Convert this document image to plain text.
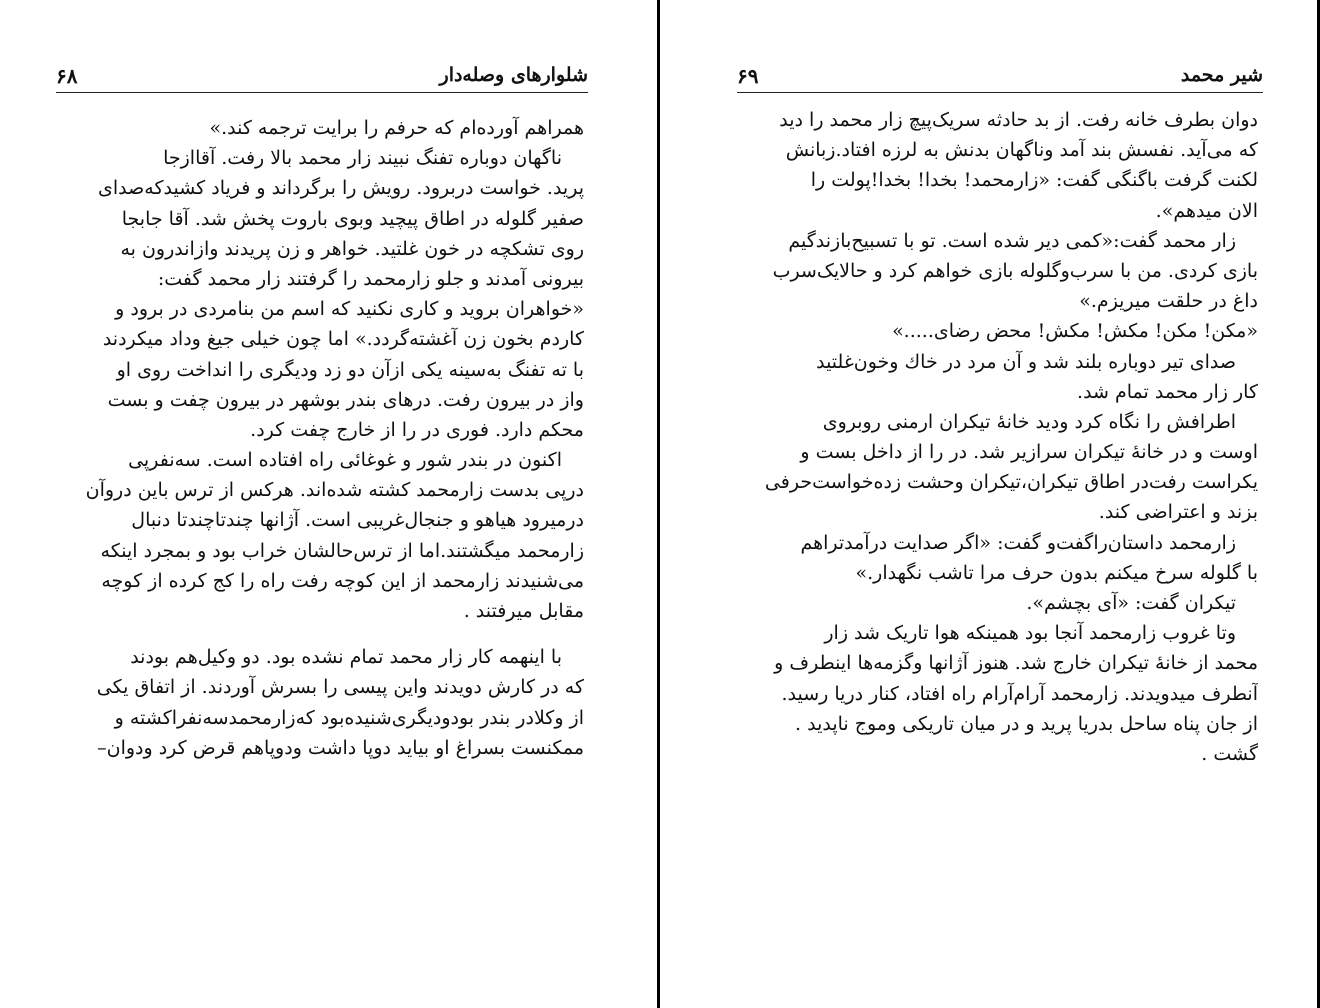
شلوارهای وصله‌دار
۶۸
همراهم آورده‌ام که حرفم را برایت ترجمه کند.»
ناگهان دوباره تفنگ نبیند زار محمد بالا رفت. آقاازجا
پرید. خواست دربرود. رویش را برگرداند و فریاد کشیدکه‌صدای
صفیر گلوله در اطاق پیچید وبوی باروت پخش شد. آقا جابجا
روی تشکچه در خون غلتید. خواهر و زن پریدند وازاندرون به
بیرونی آمدند و جلو زارمحمد را گرفتند زار محمد گفت:
«خواهران بروید و کاری نکنید که اسم من بنامردی در برود و
کاردم بخون زن آغشته‌گردد.» اما چون خیلی جیغ وداد میکردند
با ته تفنگ به‌سینه یکی ازآن دو زد ودیگری را انداخت روی او
واز در بیرون رفت. درهای بندر بوشهر در بیرون چفت و بست
محکم دارد. فوری در را از خارج چفت کرد.
اکنون در بندر شور و غوغائی راه افتاده است. سه‌نفرپی
درپی بدست زارمحمد کشته شده‌اند. هرکس از ترس باین دروآن
درمیرود هیاهو و جنجال‌غریبی است. آژانها چندتاچندتا دنبال
زارمحمد میگشتند.اما از ترس‌حالشان خراب بود و بمجرد اینکه
می‌شنیدند زارمحمد از این کوچه رفت راه را کج کرده از کوچه
مقابل میرفتند .
با اینهمه کار زار محمد تمام نشده بود. دو وکیل‌هم بودند
که در کارش دویدند واین پیسی را بسرش آوردند. از اتفاق یکی
از وکلادر بندر بودودیگری‌شنیده‌بود که‌زارمحمدسه‌نفراکشته و
ممکنست بسراغ او بیاید دوپا داشت ودوپاهم قرض کرد ودوان–
شیر محمد
۶۹
دوان بطرف خانه رفت. از بد حادثه سریک‌پیچ زار محمد را دید
که می‌آید. نفسش بند آمد وناگهان بدنش به لرزه افتاد.زبانش
لکنت گرفت باگنگی گفت: «زارمحمد! بخدا! بخدا!پولت را
الان میدهم».
زار محمد گفت:«کمی دیر شده است. تو با تسبیح‌بازندگیم
بازی کردی. من با سرب‌وگلوله بازی خواهم کرد و حالایک‌سرب
داغ در حلقت میریزم.»
«مکن! مکن! مکش! مکش! محض رضای.....»
صدای تیر دوباره بلند شد و آن مرد در خاك وخون‌غلتید
کار زار محمد تمام شد.
اطرافش را نگاه کرد ودید خانهٔ تیکران ارمنی روبروی
اوست و در خانهٔ تیکران سرازیر شد. در را از داخل بست و
یکراست رفت‌در اطاق تیکران،تیکران وحشت زده‌خواست‌حرفی
بزند و اعتراضی کند.
زارمحمد داستان‌راگفت‌و گفت: «اگر صدایت درآمدتراهم
با گلوله سرخ میکنم بدون حرف مرا تاشب نگهدار.»
تیکران گفت: «آی بچشم».
وتا غروب زارمحمد آنجا بود همینکه هوا تاریک شد زار
محمد از خانهٔ تیکران خارج شد. هنوز آژانها وگزمه‌ها اینطرف و
آنطرف میدویدند. زارمحمد آرام‌آرام راه افتاد، کنار دریا رسید.
از جان پناه ساحل بدریا پرید و در میان تاریکی وموج ناپدید .
گشت .
